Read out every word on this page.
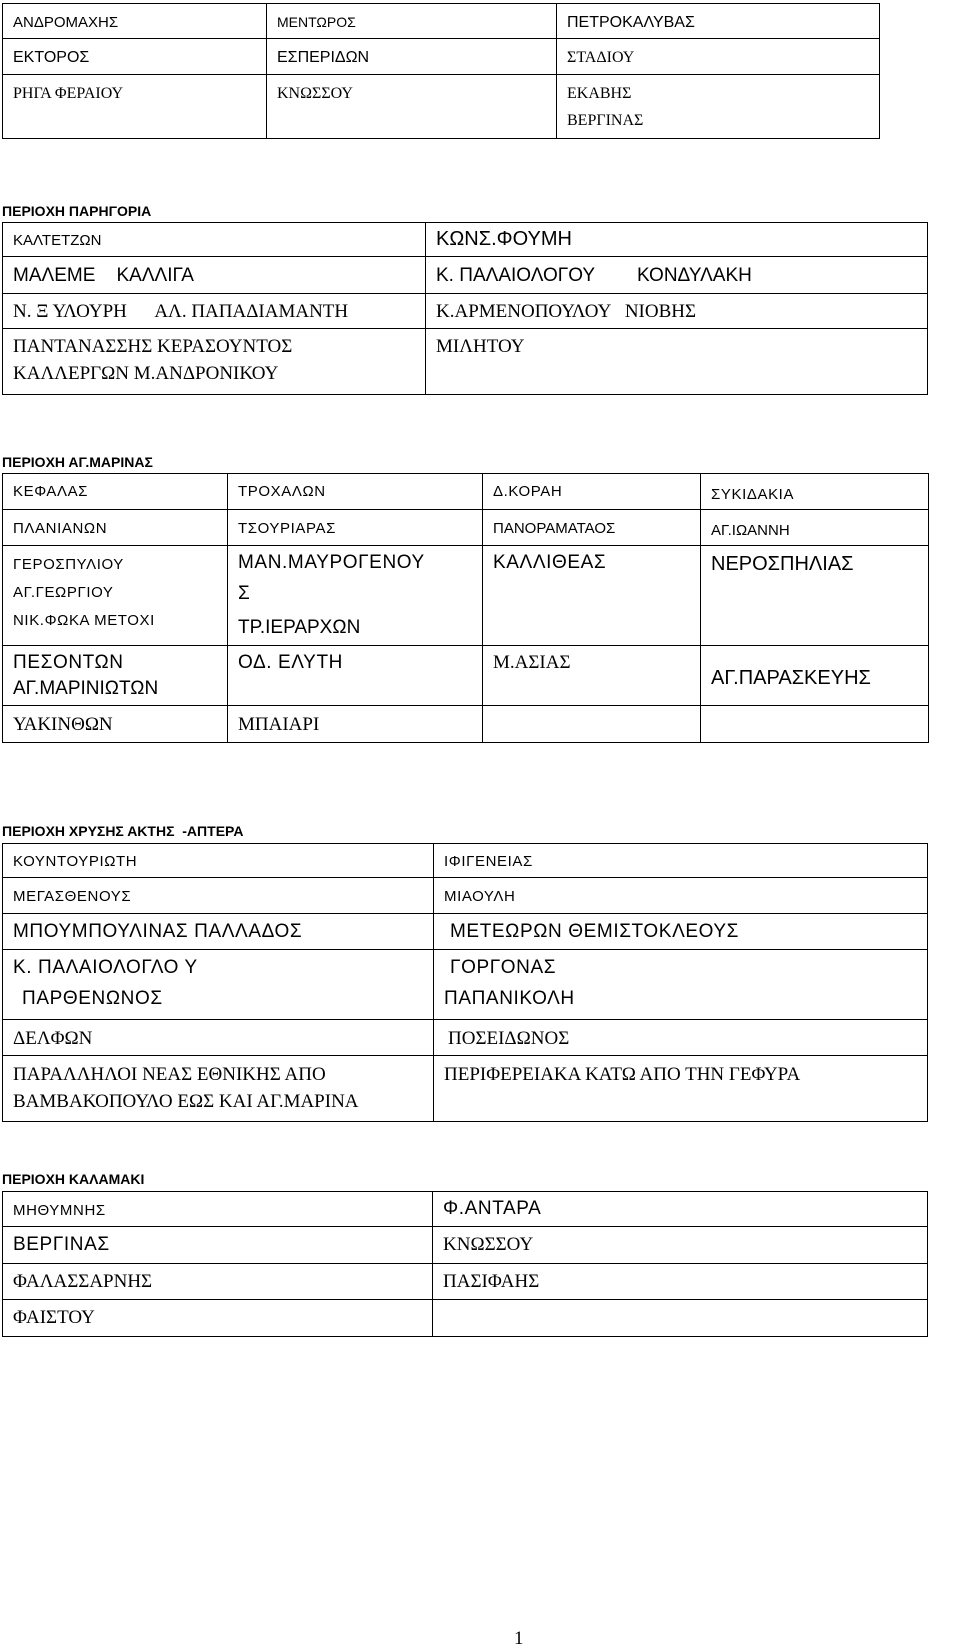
ΑΝΔΡΟΜΑΧΗΣ	ΜΕΝΤΩΡΟΣ	ΠΕΤΡΟΚΑΛΥΒΑΣ

ΕΚΤΟΡΟΣ	ΕΣΠΕΡΙΔΩΝ	ΣΤΑΔΙΟΥ

ΡΗΓΑ ΦΕΡΑΙΟΥ	ΚΝΩΣΣΟΥ	ΕΚΑΒΗΣ
ΒΕΡΓΙΝΑΣ
ΠΕΡΙΟΧΗ ΠΑΡΗΓΟΡΙΑ
ΚΑΛΤΕΤΖΩΝ	ΚΩΝΣ.ΦΟΥΜΗ

ΜΑΛΕΜΕ    ΚΑΛΛΙΓΑ	Κ. ΠΑΛΑΙΟΛΟΓΟΥ        ΚΟΝΔΥΛΑΚΗ

Ν. Ξ ΥΛΟΥΡΗ      ΑΛ. ΠΑΠΑΔΙΑΜΑΝΤΗ	Κ.ΑΡΜΕΝΟΠΟΥΛΟΥ   ΝΙΟΒΗΣ

ΠΑΝΤΑΝΑΣΣΗΣ ΚΕΡΑΣΟΥΝΤΟΣ
ΚΑΛΛΕΡΓΩΝ Μ.ΑΝΔΡΟΝΙΚΟΥ	ΜΙΛΗΤΟΥ
ΠΕΡΙΟΧΗ ΑΓ.ΜΑΡΙΝΑΣ
ΚΕΦΑΛΑΣ	ΤΡΟΧΑΛΩΝ	Δ.ΚΟΡΑΗ	ΣΥΚΙΔΑΚΙΑ

ΠΛΑΝΙΑΝΩΝ	ΤΣΟΥΡΙΑΡΑΣ	ΠΑΝΟΡΑΜΑΤΑΟΣ	ΑΓ.ΙΩΑΝΝΗ

ΓΕΡΟΣΠΥΛΙΟΥ
ΑΓ.ΓΕΩΡΓΙΟΥ
ΝΙΚ.ΦΩΚΑ ΜΕΤΟΧΙ	ΜΑΝ.ΜΑΥΡΟΓΕΝΟΥ
Σ
ΤΡ.ΙΕΡΑΡΧΩΝ	ΚΑΛΛΙΘΕΑΣ	ΝΕΡΟΣΠΗΛΙΑΣ

ΠΕΣΟΝΤΩΝ
ΑΓ.ΜΑΡΙΝΙΩΤΩΝ	ΟΔ. ΕΛΥΤΗ	Μ.ΑΣΙΑΣ	ΑΓ.ΠΑΡΑΣΚΕΥΗΣ

ΥΑΚΙΝΘΩΝ	ΜΠΑΙΑΡΙ		

ΠΕΡΙΟΧΗ ΧΡΥΣΗΣ ΑΚΤΗΣ  -ΑΠΤΕΡΑ
ΚΟΥΝΤΟΥΡΙΩΤΗ	ΙΦΙΓΕΝΕΙΑΣ

ΜΕΓΑΣΘΕΝΟΥΣ	ΜΙΑΟΥΛΗ

ΜΠΟΥΜΠΟΥΛΙΝΑΣ ΠΑΛΛΑΔΟΣ	ΜΕΤΕΩΡΩΝ ΘΕΜΙΣΤΟΚΛΕΟΥΣ

Κ. ΠΑΛΑΙΟΛΟΓΛΟ Υ
ΠΑΡΘΕΝΩΝΟΣ	ΓΟΡΓΟΝΑΣ
ΠΑΠΑΝΙΚΟΛΗ

ΔΕΛΦΩΝ	ΠΟΣΕΙΔΩΝΟΣ

ΠΑΡΑΛΛΗΛΟΙ ΝΕΑΣ ΕΘΝΙΚΗΣ ΑΠΟ
ΒΑΜΒΑΚΟΠΟΥΛΟ ΕΩΣ ΚΑΙ ΑΓ.ΜΑΡΙΝΑ	ΠΕΡΙΦΕΡΕΙΑΚΑ ΚΑΤΩ ΑΠΟ ΤΗΝ ΓΕΦΥΡΑ
ΠΕΡΙΟΧΗ ΚΑΛΑΜΑΚΙ
ΜΗΘΥΜΝΗΣ	Φ.ΑΝΤΑΡΑ

ΒΕΡΓΙΝΑΣ	ΚΝΩΣΣΟΥ

ΦΑΛΑΣΣΑΡΝΗΣ	ΠΑΣΙΦΑΗΣ

ΦΑΙΣΤΟΥ	

1
